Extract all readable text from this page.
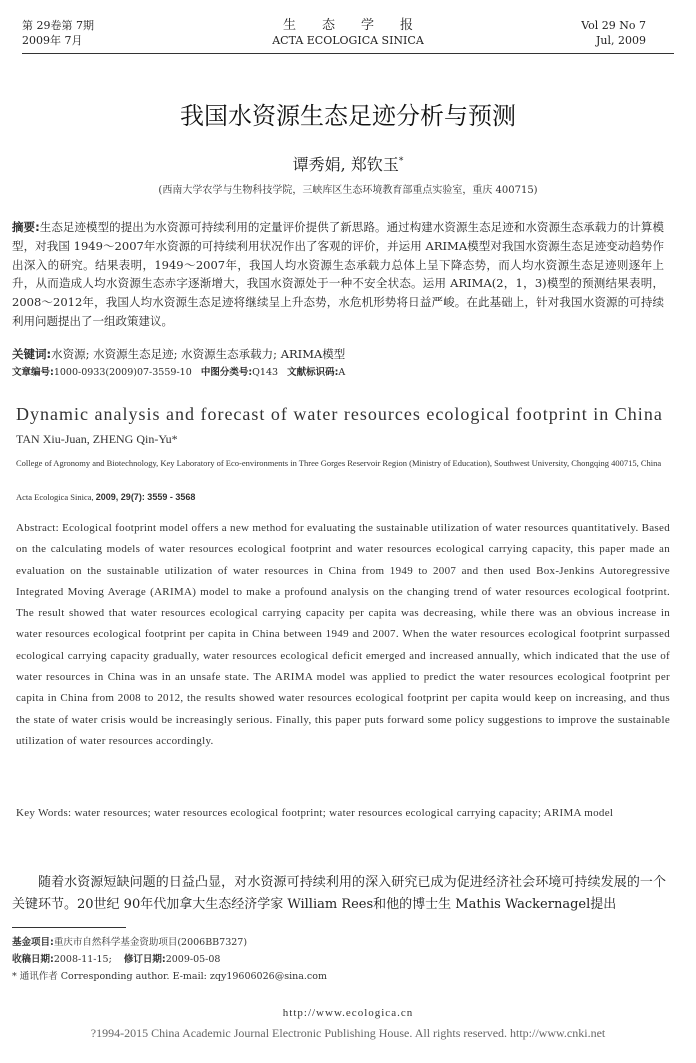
第 29卷第 7期
2009年 7月
生态学报
ACTA ECOLOGICA SINICA
Vol 29 No 7
Jul, 2009
我国水资源生态足迹分析与预测
谭秀娟, 郑钦玉*
(西南大学农学与生物科技学院，三峡库区生态环境教育部重点实验室，重庆 400715)
摘要:生态足迹模型的提出为水资源可持续利用的定量评价提供了新思路。通过构建水资源生态足迹和水资源生态承载力的计算模型，对我国 1949～2007年水资源的可持续利用状况作出了客观的评价，并运用 ARIMA模型对我国水资源生态足迹变动趋势作出深入的研究。结果表明，1949～2007年，我国人均水资源生态承载力总体上呈下降态势，而人均水资源生态足迹则逐年上升，从而造成人均水资源生态赤字逐渐增大，我国水资源处于一种不安全状态。运用 ARIMA(2，1，3)模型的预测结果表明，2008～2012年，我国人均水资源生态足迹将继续呈上升态势，水危机形势将日益严峻。在此基础上，针对我国水资源的可持续利用问题提出了一组政策建议。
关键词:水资源; 水资源生态足迹; 水资源生态承载力; ARIMA模型
文章编号:1000-0933(2009)07-3559-10 中图分类号:Q143 文献标识码:A
Dynamic analysis and forecast of water resources ecological footprint in China
TAN Xiu-Juan, ZHENG Qin-Yu*
College of Agronomy and Biotechnology, Key Laboratory of Eco-environments in Three Gorges Reservoir Region (Ministry of Education), Southwest University, Chongqing 400715, China
Acta Ecologica Sinica, 2009, 29(7): 3559 - 3568
Abstract: Ecological footprint model offers a new method for evaluating the sustainable utilization of water resources quantitatively. Based on the calculating models of water resources ecological footprint and water resources ecological carrying capacity, this paper made an evaluation on the sustainable utilization of water resources in China from 1949 to 2007 and then used Box-Jenkins Autoregressive Integrated Moving Average (ARIMA) model to make a profound analysis on the changing trend of water resources ecological footprint. The result showed that water resources ecological carrying capacity per capita was decreasing, while there was an obvious increase in water resources ecological footprint per capita in China between 1949 and 2007. When the water resources ecological footprint surpassed ecological carrying capacity gradually, water resources ecological deficit emerged and increased annually, which indicated that the use of water resources in China was in an unsafe state. The ARIMA model was applied to predict the water resources ecological footprint per capita in China from 2008 to 2012, the results showed water resources ecological footprint per capita would keep on increasing, and thus the state of water crisis would be increasingly serious. Finally, this paper puts forward some policy suggestions to improve the sustainable utilization of water resources accordingly.
Key Words: water resources; water resources ecological footprint; water resources ecological carrying capacity; ARIMA model
随着水资源短缺问题的日益凸显，对水资源可持续利用的深入研究已成为促进经济社会环境可持续发展的一个关键环节。20世纪 90年代加拿大生态经济学家 William Rees和他的博士生 Mathis Wackernagel提出
基金项目:重庆市自然科学基金资助项目(2006BB7327)
收稿日期:2008-11-15; 修订日期:2009-05-08
* 通讯作者 Corresponding author. E-mail: zqy19606026@sina.com
http://www.ecologica.cn
?1994-2015 China Academic Journal Electronic Publishing House. All rights reserved. http://www.cnki.net
